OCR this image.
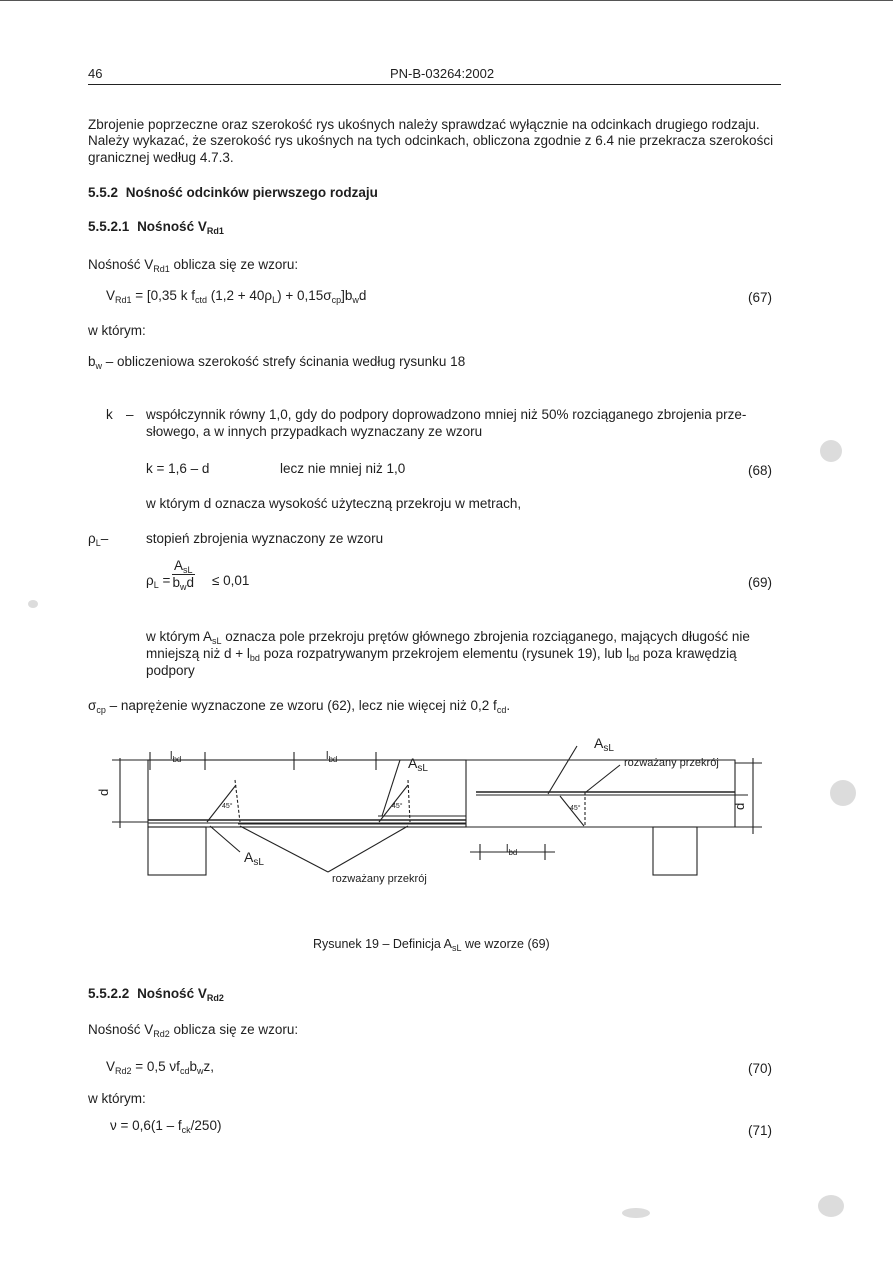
46	PN-B-03264:2002
Zbrojenie poprzeczne oraz szerokość rys ukośnych należy sprawdzać wyłącznie na odcinkach drugiego rodzaju.
Należy wykazać, że szerokość rys ukośnych na tych odcinkach, obliczona zgodnie z 6.4 nie przekracza szerokości
granicznej według 4.7.3.
5.5.2 Nośność odcinków pierwszego rodzaju
5.5.2.1 Nośność $V_{Rd1}$
Nośność $V_{Rd1}$ oblicza się ze wzoru:
$V_{Rd1} = [0,35$ k $f_{ctd}$ $(1,2 + 40\rho_L) + 0,15\sigma_{cp}]b_wd$	(67)
w którym:
$b_w$ – obliczeniowa szerokość strefy ścinania według rysunku 18
k – współczynnik równy 1,0, gdy do podpory doprowadzono mniej niż 50% rozciąganego zbrojenia prze-
słowego, a w innych przypadkach wyznaczany ze wzoru
k = 1,6 – d	lecz nie mniej niż 1,0	(68)
w którym d oznacza wysokość użyteczną przekroju w metrach,
$\rho_L-$	stopień zbrojenia wyznaczony ze wzoru
$\rho_L$ =
$A_{sL}$
$b_wd \le 0,01$	(69)
w którym $A_{sL}$ oznacza pole przekroju prętów głównego zbrojenia rozciąganego, mających długość nie
mniejszą niż $d + l_{bd}$ poza rozpatrywanym przekrojem elementu (rysunek 19), lub $l_{bd}$ poza krawędzią
podpory
$\sigma_{cp}$ – naprężenie wyznaczone ze wzoru (62), lecz nie więcej niż 0,2 $f_{cd}$.
$l_{bd}$	$l_{bd}$	$A_{sL}$
$A_{sL}$
rozważany przekrój
d
45°	45°
$A_{sL}$
rozważany przekrój
$l_{bd}$
d
45°
Rysunek 19 – Definicja $A_{sL}$ we wzorze (69)
5.5.2.2 Nośność $V_{Rd2}$
Nośność $V_{Rd2}$ oblicza się ze wzoru:
$V_{Rd2} = 0,5$ $\nu f_{cd}b_wz$,	(70)
w którym:
$\nu = 0,6(1 - f_{ck}/250)$	(71)
